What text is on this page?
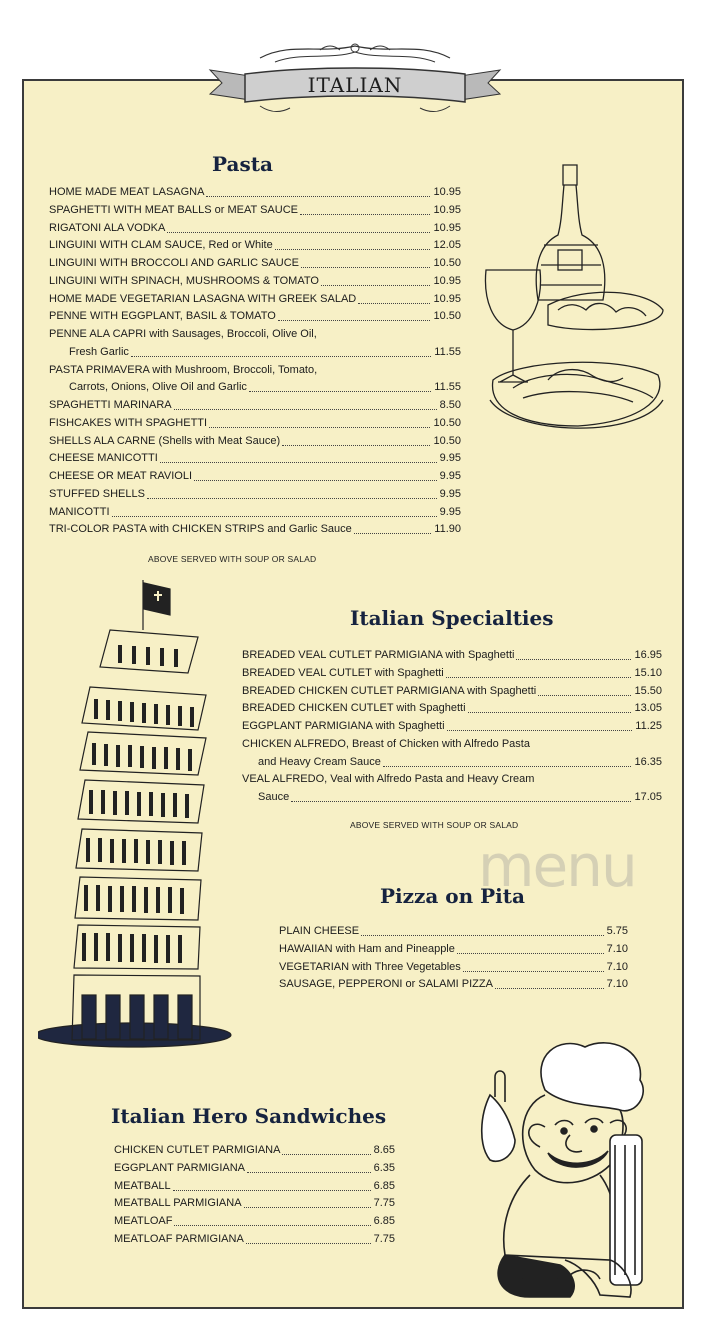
ITALIAN
Pasta
HOME MADE MEAT LASAGNA	10.95
SPAGHETTI WITH MEAT BALLS or MEAT SAUCE	10.95
RIGATONI ALA VODKA	10.95
LINGUINI WITH CLAM SAUCE, Red or White	12.05
LINGUINI WITH BROCCOLI AND GARLIC SAUCE	10.50
LINGUINI WITH SPINACH, MUSHROOMS & TOMATO	10.95
HOME MADE VEGETARIAN LASAGNA WITH GREEK SALAD	10.95
PENNE WITH EGGPLANT, BASIL & TOMATO	10.50
PENNE ALA CAPRI with Sausages, Broccoli, Olive Oil,
Fresh Garlic	11.55
PASTA PRIMAVERA with Mushroom, Broccoli, Tomato,
Carrots, Onions, Olive Oil and Garlic	11.55
SPAGHETTI MARINARA	8.50
FISHCAKES WITH SPAGHETTI	10.50
SHELLS ALA CARNE (Shells with Meat Sauce)	10.50
CHEESE MANICOTTI	9.95
CHEESE OR MEAT RAVIOLI	9.95
STUFFED SHELLS	9.95
MANICOTTI	9.95
TRI-COLOR PASTA with CHICKEN STRIPS and Garlic Sauce	11.90
ABOVE SERVED WITH SOUP OR SALAD
Italian Specialties
BREADED VEAL CUTLET PARMIGIANA with Spaghetti	16.95
BREADED VEAL CUTLET with Spaghetti	15.10
BREADED CHICKEN CUTLET PARMIGIANA with Spaghetti	15.50
BREADED CHICKEN CUTLET with Spaghetti	13.05
EGGPLANT PARMIGIANA with Spaghetti	11.25
CHICKEN ALFREDO, Breast of Chicken with Alfredo Pasta
and Heavy Cream Sauce	16.35
VEAL ALFREDO, Veal with Alfredo Pasta and Heavy Cream
Sauce	17.05
ABOVE SERVED WITH SOUP OR SALAD
Pizza on Pita
PLAIN CHEESE	5.75
HAWAIIAN with Ham and Pineapple	7.10
VEGETARIAN with Three Vegetables	7.10
SAUSAGE, PEPPERONI or SALAMI PIZZA	7.10
Italian Hero Sandwiches
CHICKEN CUTLET PARMIGIANA	8.65
EGGPLANT PARMIGIANA	6.35
MEATBALL	6.85
MEATBALL PARMIGIANA	7.75
MEATLOAF	6.85
MEATLOAF PARMIGIANA	7.75
menu
